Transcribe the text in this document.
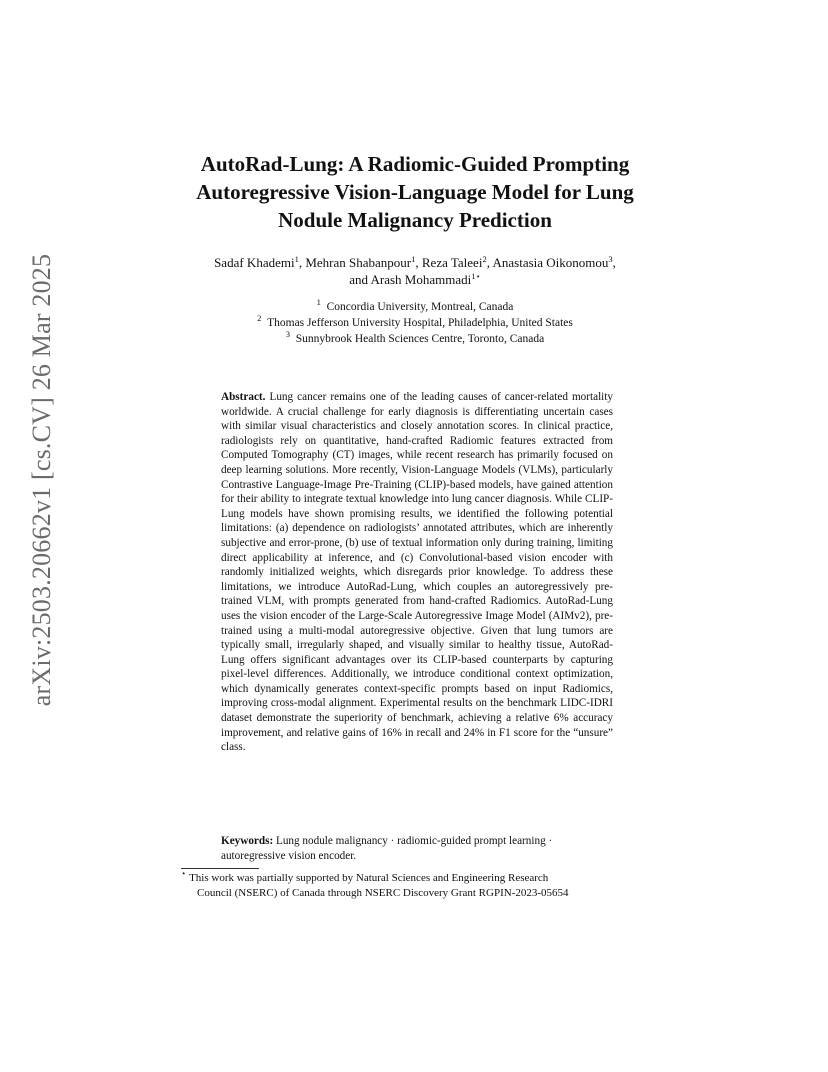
arXiv:2503.20662v1 [cs.CV] 26 Mar 2025
AutoRad-Lung: A Radiomic-Guided Prompting
Autoregressive Vision-Language Model for Lung
Nodule Malignancy Prediction
Sadaf Khademi$^1$, Mehran Shabanpour$^1$, Reza Taleei$^2$, Anastasia Oikonomou$^3$,
and Arash Mohammadi$^{1⋆}$
$^1$ Concordia University, Montreal, Canada
$^2$ Thomas Jefferson University Hospital, Philadelphia, United States
$^3$ Sunnybrook Health Sciences Centre, Toronto, Canada
Abstract. Lung cancer remains one of the leading causes of cancer-related mortality worldwide. A crucial challenge for early diagnosis is differentiating uncertain cases with similar visual characteristics and closely annotation scores. In clinical practice, radiologists rely on quantitative, hand-crafted Radiomic features extracted from Computed Tomography (CT) images, while recent research has primarily focused on deep learning solutions. More recently, Vision-Language Models (VLMs), particularly Contrastive Language-Image Pre-Training (CLIP)-based models, have gained attention for their ability to integrate textual knowledge into lung cancer diagnosis. While CLIP-Lung models have shown promising results, we identified the following potential limitations: (a) dependence on radiologists’ annotated attributes, which are inherently subjective and error-prone, (b) use of textual information only during training, limiting direct applicability at inference, and (c) Convolutional-based vision encoder with randomly initialized weights, which disregards prior knowledge. To address these limitations, we introduce AutoRad-Lung, which couples an autoregressively pre-trained VLM, with prompts generated from hand-crafted Radiomics. AutoRad-Lung uses the vision encoder of the Large-Scale Autoregressive Image Model (AIMv2), pre-trained using a multi-modal autoregressive objective. Given that lung tumors are typically small, irregularly shaped, and visually similar to healthy tissue, AutoRad-Lung offers significant advantages over its CLIP-based counterparts by capturing pixel-level differences. Additionally, we introduce conditional context optimization, which dynamically generates context-specific prompts based on input Radiomics, improving cross-modal alignment. Experimental results on the benchmark LIDC-IDRI dataset demonstrate the superiority of benchmark, achieving a relative 6% accuracy improvement, and relative gains of 16% in recall and 24% in F1 score for the “unsure” class.
Keywords: Lung nodule malignancy · radiomic-guided prompt learning · autoregressive vision encoder.
⋆ This work was partially supported by Natural Sciences and Engineering Research
Council (NSERC) of Canada through NSERC Discovery Grant RGPIN-2023-05654
